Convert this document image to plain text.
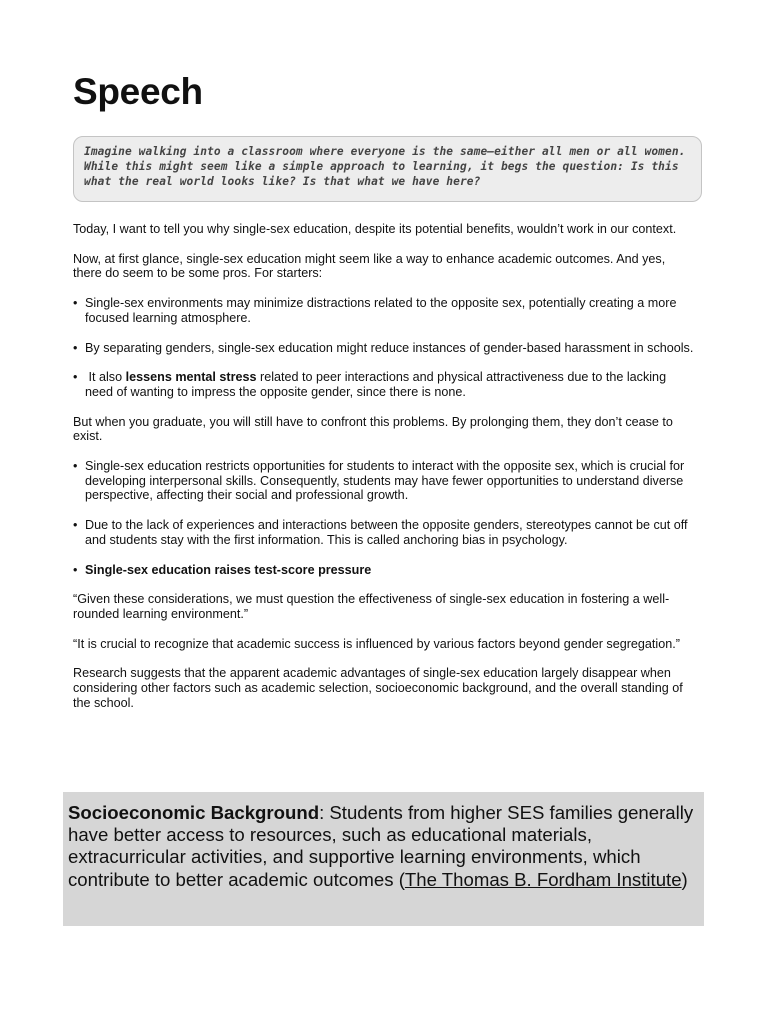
Speech

Imagine walking into a classroom where everyone is the same—either all men or all women. While this might seem like a simple approach to learning, it begs the question: Is this what the real world looks like? Is that what we have here?

Today, I want to tell you why single-sex education, despite its potential benefits, wouldn’t work in our context.

Now, at first glance, single-sex education might seem like a way to enhance academic outcomes. And yes, there do seem to be some pros. For starters:

• Single-sex environments may minimize distractions related to the opposite sex, potentially creating a more focused learning atmosphere.
• By separating genders, single-sex education might reduce instances of gender-based harassment in schools.
• It also lessens mental stress related to peer interactions and physical attractiveness due to the lacking need of wanting to impress the opposite gender, since there is none.

But when you graduate, you will still have to confront this problems. By prolonging them, they don’t cease to exist.

• Single-sex education restricts opportunities for students to interact with the opposite sex, which is crucial for developing interpersonal skills. Consequently, students may have fewer opportunities to understand diverse perspective, affecting their social and professional growth.
• Due to the lack of experiences and interactions between the opposite genders, stereotypes cannot be cut off and students stay with the first information. This is called anchoring bias in psychology.
• Single-sex education raises test-score pressure

“Given these considerations, we must question the effectiveness of single-sex education in fostering a well-rounded learning environment.”

“It is crucial to recognize that academic success is influenced by various factors beyond gender segregation.”

Research suggests that the apparent academic advantages of single-sex education largely disappear when considering other factors such as academic selection, socioeconomic background, and the overall standing of the school.

Socioeconomic Background: Students from higher SES families generally have better access to resources, such as educational materials, extracurricular activities, and supportive learning environments, which contribute to better academic outcomes (The Thomas B. Fordham Institute)
